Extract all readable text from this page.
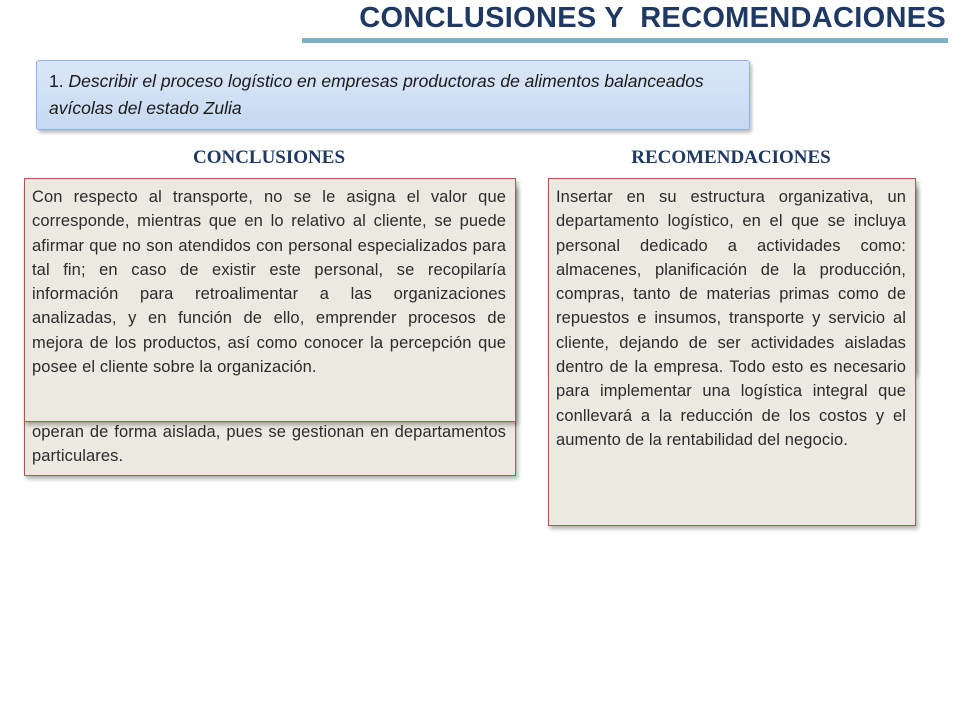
CONCLUSIONES Y  RECOMENDACIONES
1. Describir el proceso logístico en empresas productoras de alimentos balanceados avícolas del estado Zulia
CONCLUSIONES	RECOMENDACIONES
operan de forma aislada, pues se gestionan en departamentos particulares.
Con respecto al transporte, no se le asigna el valor que corresponde, mientras que en lo relativo al cliente, se puede afirmar que no son atendidos con personal especializados para tal fin; en caso de existir este personal, se recopilaría información para retroalimentar a las organizaciones analizadas, y en función de ello, emprender procesos de mejora de los productos, así como conocer la percepción que posee el cliente sobre la organización.
Insertar en su estructura organizativa, un departamento logístico, en el que se incluya personal dedicado a actividades como: almacenes, planificación de la producción, compras, tanto de materias primas como de repuestos e insumos, transporte y servicio al cliente, dejando de ser actividades aisladas dentro de la empresa. Todo esto es necesario para implementar una logística integral que conllevará a la reducción de los costos y el aumento de la rentabilidad del negocio.
